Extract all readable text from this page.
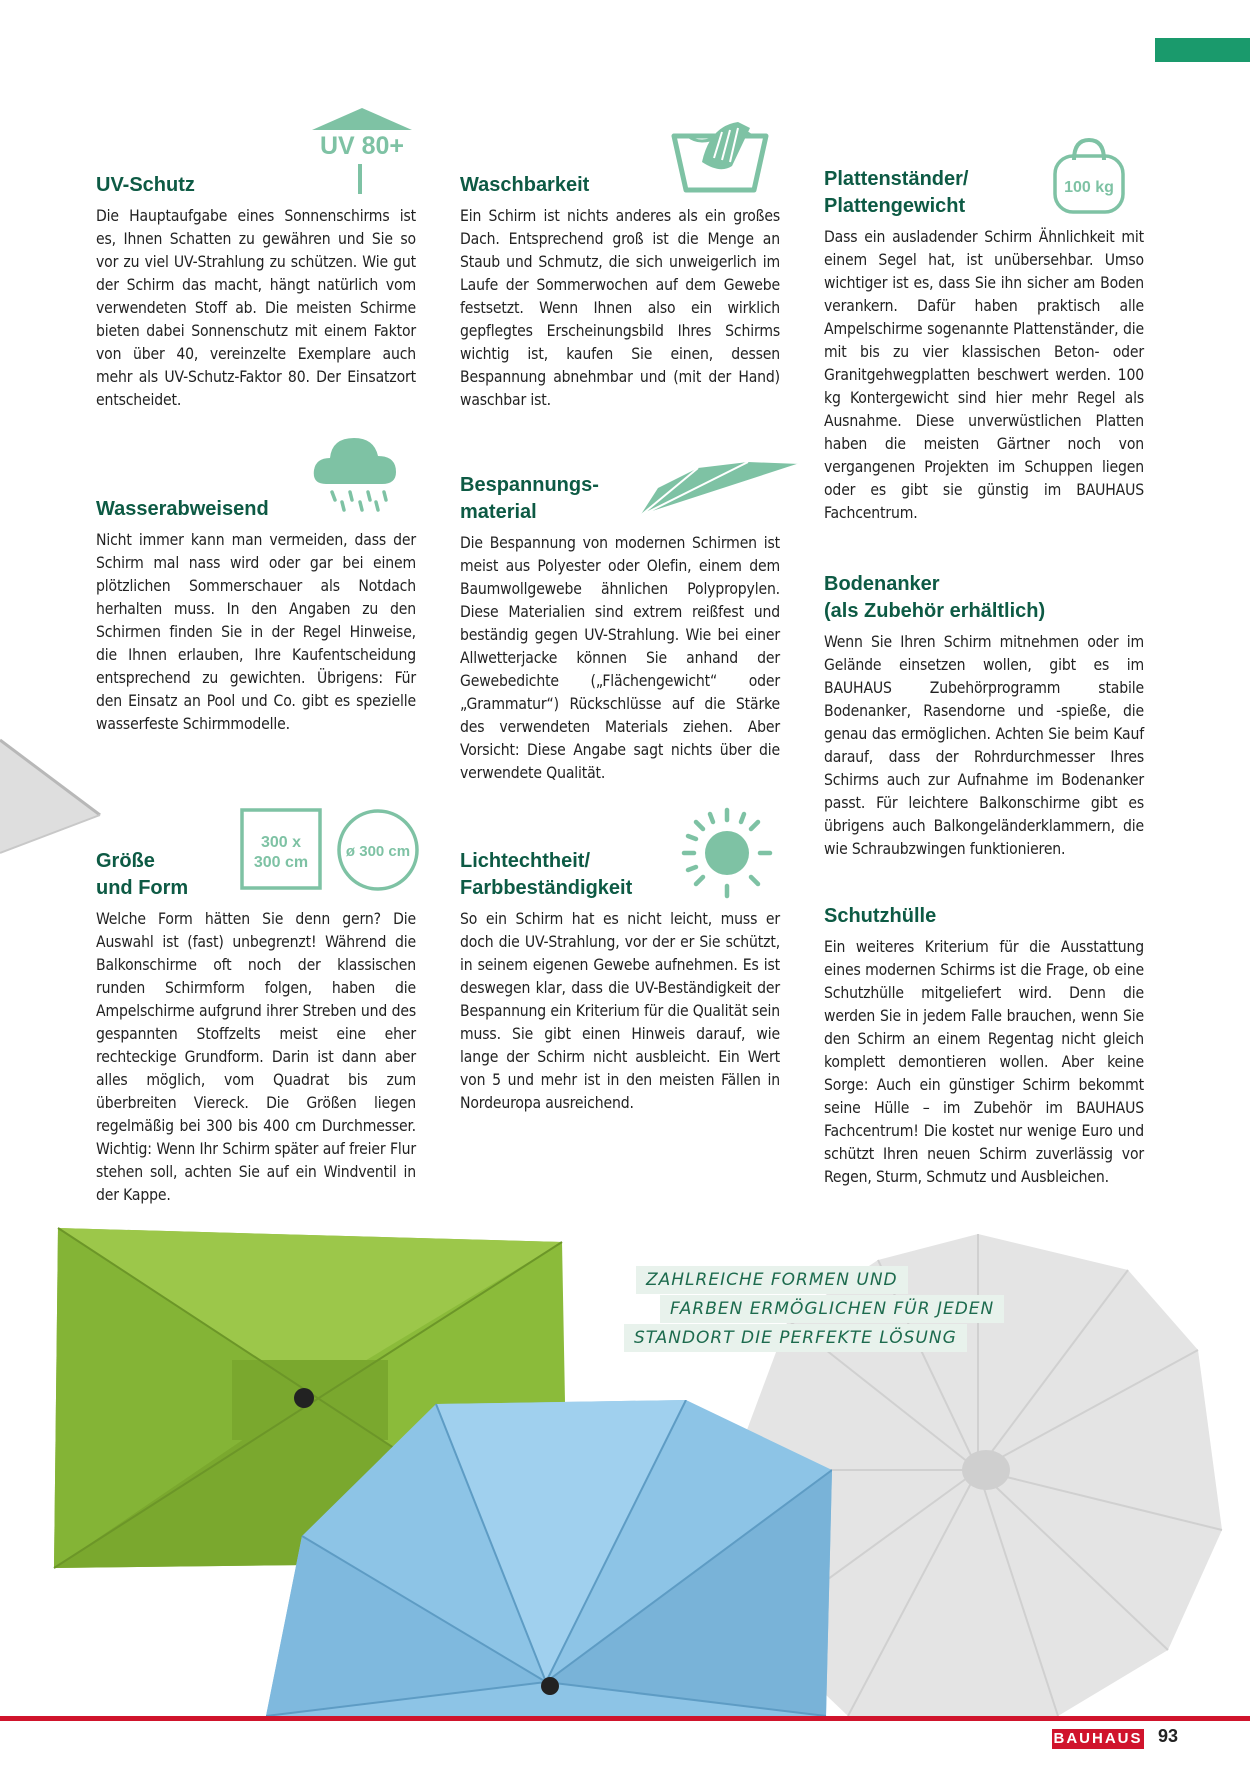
UV 80+
100 kg
300 x
300 cm
ø 300 cm
UV-Schutz

Die Hauptaufgabe eines Sonnenschirms ist es, Ihnen Schatten zu gewähren und Sie so vor zu viel UV-Strahlung zu schützen. Wie gut der Schirm das macht, hängt natürlich vom verwendeten Stoff ab. Die meisten Schirme bieten dabei Sonnenschutz mit einem Faktor von über 40, vereinzelte Exemplare auch mehr als UV-Schutz-Faktor 80. Der Einsatzort entscheidet.

Wasserabweisend

Nicht immer kann man vermeiden, dass der Schirm mal nass wird oder gar bei einem plötzlichen Sommerschauer als Notdach herhalten muss. In den Angaben zu den Schirmen finden Sie in der Regel Hinweise, die Ihnen erlauben, Ihre Kaufentscheidung entsprechend zu gewichten. Übrigens: Für den Einsatz an Pool und Co. gibt es spezielle wasserfeste Schirmmodelle.

Größe
und Form

Welche Form hätten Sie denn gern? Die Auswahl ist (fast) unbegrenzt! Während die Balkonschirme oft noch der klassischen runden Schirmform folgen, haben die Ampelschirme aufgrund ihrer Streben und des gespannten Stoffzelts meist eine eher rechteckige Grundform. Darin ist dann aber alles möglich, vom Quadrat bis zum überbreiten Viereck. Die Größen liegen regelmäßig bei 300 bis 400 cm Durchmesser. Wichtig: Wenn Ihr Schirm später auf freier Flur stehen soll, achten Sie auf ein Windventil in der Kappe.

Waschbarkeit

Ein Schirm ist nichts anderes als ein großes Dach. Entsprechend groß ist die Menge an Staub und Schmutz, die sich unweigerlich im Laufe der Sommerwochen auf dem Gewebe festsetzt. Wenn Ihnen also ein wirklich gepflegtes Erscheinungsbild Ihres Schirms wichtig ist, kaufen Sie einen, dessen Bespannung abnehmbar und (mit der Hand) waschbar ist.

Bespannungs-
material

Die Bespannung von modernen Schirmen ist meist aus Polyester oder Olefin, einem dem Baumwollgewebe ähnlichen Polypropylen. Diese Materialien sind extrem reißfest und beständig gegen UV-Strahlung. Wie bei einer Allwetterjacke können Sie anhand der Gewebedichte („Flächengewicht“ oder „Grammatur“) Rückschlüsse auf die Stärke des verwendeten Materials ziehen. Aber Vorsicht: Diese Angabe sagt nichts über die verwendete Qualität.

Lichtechtheit/
Farbbeständigkeit

So ein Schirm hat es nicht leicht, muss er doch die UV-Strahlung, vor der er Sie schützt, in seinem eigenen Gewebe aufnehmen. Es ist deswegen klar, dass die UV-Beständigkeit der Bespannung ein Kriterium für die Qualität sein muss. Sie gibt einen Hinweis darauf, wie lange der Schirm nicht ausbleicht. Ein Wert von 5 und mehr ist in den meisten Fällen in Nordeuropa ausreichend.

Plattenständer/
Plattengewicht

Dass ein ausladender Schirm Ähnlichkeit mit einem Segel hat, ist unübersehbar. Umso wichtiger ist es, dass Sie ihn sicher am Boden verankern. Dafür haben praktisch alle Ampelschirme sogenannte Plattenständer, die mit bis zu vier klassischen Beton- oder Granitgehwegplatten beschwert werden. 100 kg Kontergewicht sind hier mehr Regel als Ausnahme. Diese unverwüstlichen Platten haben die meisten Gärtner noch von vergangenen Projekten im Schuppen liegen oder es gibt sie günstig im BAUHAUS Fachcentrum.

Bodenanker
(als Zubehör erhältlich)

Wenn Sie Ihren Schirm mitnehmen oder im Gelände einsetzen wollen, gibt es im BAUHAUS Zubehörprogramm stabile Bodenanker, Rasendorne und -spieße, die genau das ermöglichen. Achten Sie beim Kauf darauf, dass der Rohrdurchmesser Ihres Schirms auch zur Aufnahme im Bodenanker passt. Für leichtere Balkonschirme gibt es übrigens auch Balkongeländerklammern, die wie Schraubzwingen funktionieren.

Schutzhülle

Ein weiteres Kriterium für die Ausstattung eines modernen Schirms ist die Frage, ob eine Schutzhülle mitgeliefert wird. Denn die werden Sie in jedem Falle brauchen, wenn Sie den Schirm an einem Regentag nicht gleich komplett demontieren wollen. Aber keine Sorge: Auch ein günstiger Schirm bekommt seine Hülle – im Zubehör im BAUHAUS Fachcentrum! Die kostet nur wenige Euro und schützt Ihren neuen Schirm zuverlässig vor Regen, Sturm, Schmutz und Ausbleichen.

ZAHLREICHE FORMEN UND
FARBEN ERMÖGLICHEN FÜR JEDEN
STANDORT DIE PERFEKTE LÖSUNG
BAUHAUS 93
